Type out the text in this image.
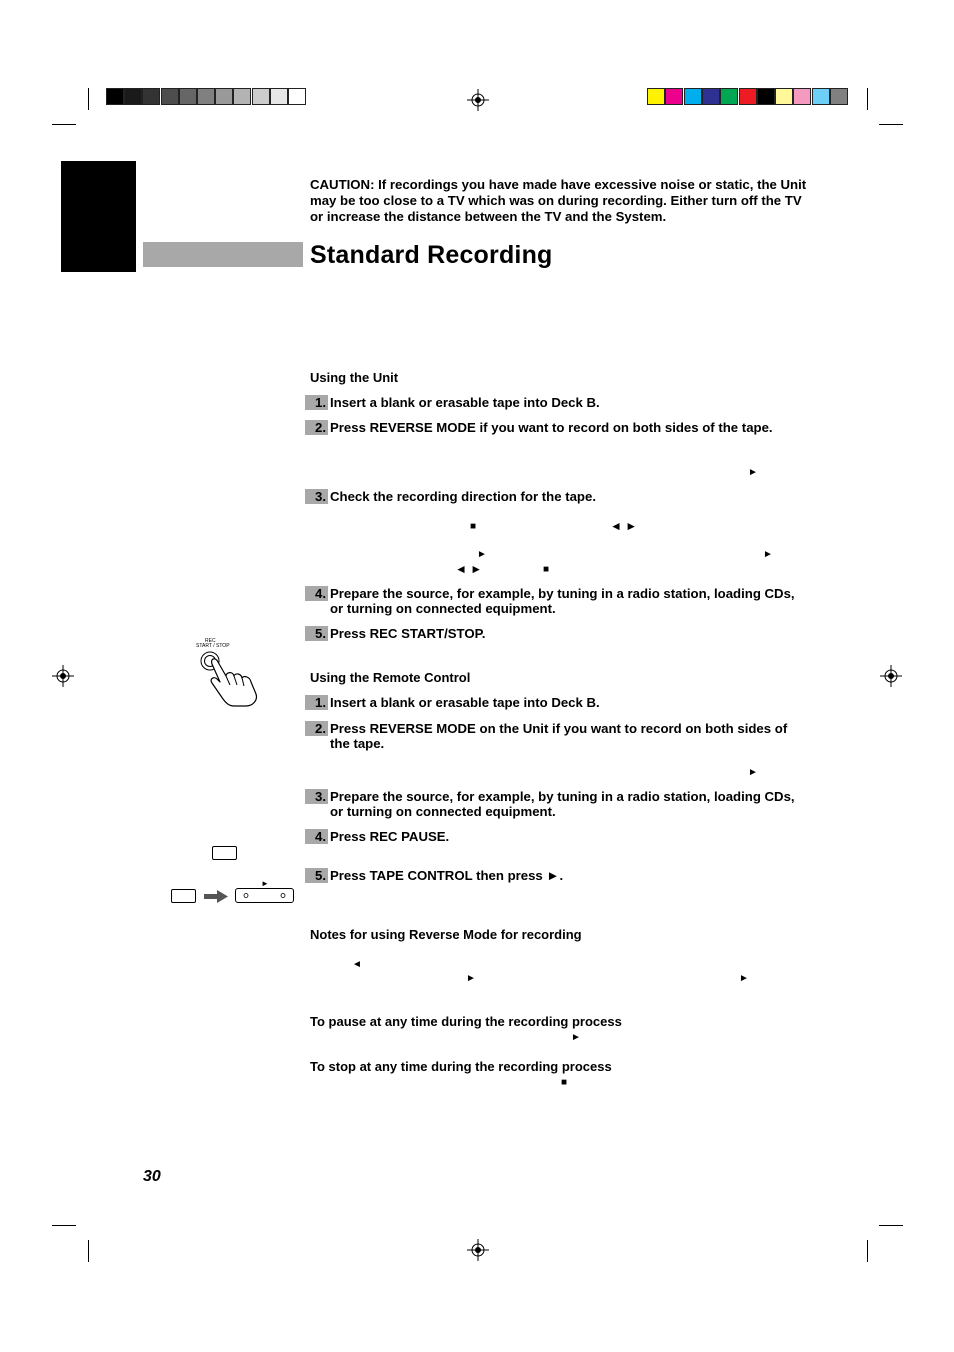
CAUTION: If recordings you have made have excessive noise or static, the Unit may be too close to a TV which was on during recording. Either turn off the TV or increase the distance between the TV and the System.
Standard Recording
Using the Unit
1. Insert a blank or erasable tape into Deck B.
2. Press REVERSE MODE if you want to record on both sides of the tape.
►
3. Check the recording direction for the tape.
■	◄ ►
►	►
◄ ►	■
4. Prepare the source, for example, by tuning in a radio station, loading CDs, or turning on connected equipment.
5. Press REC START/STOP.
REC
START / STOP
Using the Remote Control
1. Insert a blank or erasable tape into Deck B.
2. Press REVERSE MODE on the Unit if you want to record on both sides of the tape.
►
3. Prepare the source, for example, by tuning in a radio station, loading CDs, or turning on connected equipment.
4. Press REC PAUSE.
5. Press TAPE CONTROL then press ►.
►
Notes for using Reverse Mode for recording
◄
►	►
To pause at any time during the recording process
►
To stop at any time during the recording process
■
30
